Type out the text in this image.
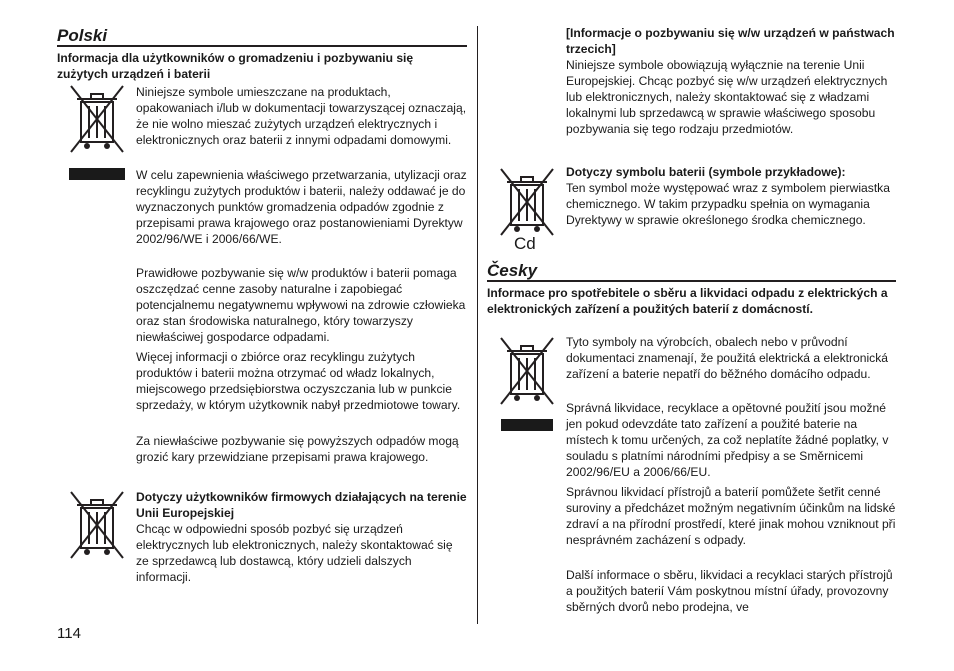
Polski
Informacja dla użytkowników o gromadzeniu i pozbywaniu się zużytych urządzeń i baterii
Niniejsze symbole umieszczane na produktach, opakowaniach i/lub w dokumentacji towarzyszącej oznaczają, że nie wolno mieszać zużytych urządzeń elektrycznych i elektronicznych oraz baterii z innymi odpadami domowymi.
W celu zapewnienia właściwego przetwarzania, utylizacji oraz recyklingu zużytych produktów i baterii, należy oddawać je do wyznaczonych punktów gromadzenia odpadów zgodnie z przepisami prawa krajowego oraz postanowieniami Dyrektyw 2002/96/WE i 2006/66/WE.
Prawidłowe pozbywanie się w/w produktów i baterii pomaga oszczędzać cenne zasoby naturalne i zapobiegać potencjalnemu negatywnemu wpływowi na zdrowie człowieka oraz stan środowiska naturalnego, który towarzyszy niewłaściwej gospodarce odpadami.
Więcej informacji o zbiórce oraz recyklingu zużytych produktów i baterii można otrzymać od władz lokalnych, miejscowego przedsiębiorstwa oczyszczania lub w punkcie sprzedaży, w którym użytkownik nabył przedmiotowe towary.
Za niewłaściwe pozbywanie się powyższych odpadów mogą grozić kary przewidziane przepisami prawa krajowego.
Dotyczy użytkowników firmowych działających na terenie Unii Europejskiej
Chcąc w odpowiedni sposób pozbyć się urządzeń elektrycznych lub elektronicznych, należy skontaktować się ze sprzedawcą lub dostawcą, który udzieli dalszych informacji.
[Informacje o pozbywaniu się w/w urządzeń w państwach trzecich]
Niniejsze symbole obowiązują wyłącznie na terenie Unii Europejskiej. Chcąc pozbyć się w/w urządzeń elektrycznych lub elektronicznych, należy skontaktować się z władzami lokalnymi lub sprzedawcą w sprawie właściwego sposobu pozbywania się tego rodzaju przedmiotów.
Cd
Dotyczy symbolu baterii (symbole przykładowe):
Ten symbol może występować wraz z symbolem pierwiastka chemicznego. W takim przypadku spełnia on wymagania Dyrektywy w sprawie określonego środka chemicznego.
Česky
Informace pro spotřebitele o sběru a likvidaci odpadu z elektrických a elektronických zařízení a použitých baterií z domácností.
Tyto symboly na výrobcích, obalech nebo v průvodní dokumentaci znamenají, že použitá elektrická a elektronická zařízení a baterie nepatří do běžného domácího odpadu.
Správná likvidace, recyklace a opětovné použití jsou možné jen pokud odevzdáte tato zařízení a použité baterie na místech k tomu určených, za což neplatíte žádné poplatky, v souladu s platními národními předpisy a se Směrnicemi 2002/96/EU a 2006/66/EU.
Správnou likvidací přístrojů a baterií pomůžete šetřit cenné suroviny a předcházet možným negativním účinkům na lidské zdraví a na přírodní prostředí, které jinak mohou vzniknout při nesprávném zacházení s odpady.
Další informace o sběru, likvidaci a recyklaci starých přístrojů a použitých baterií Vám poskytnou místní úřady, provozovny sběrných dvorů nebo prodejna, ve
114
